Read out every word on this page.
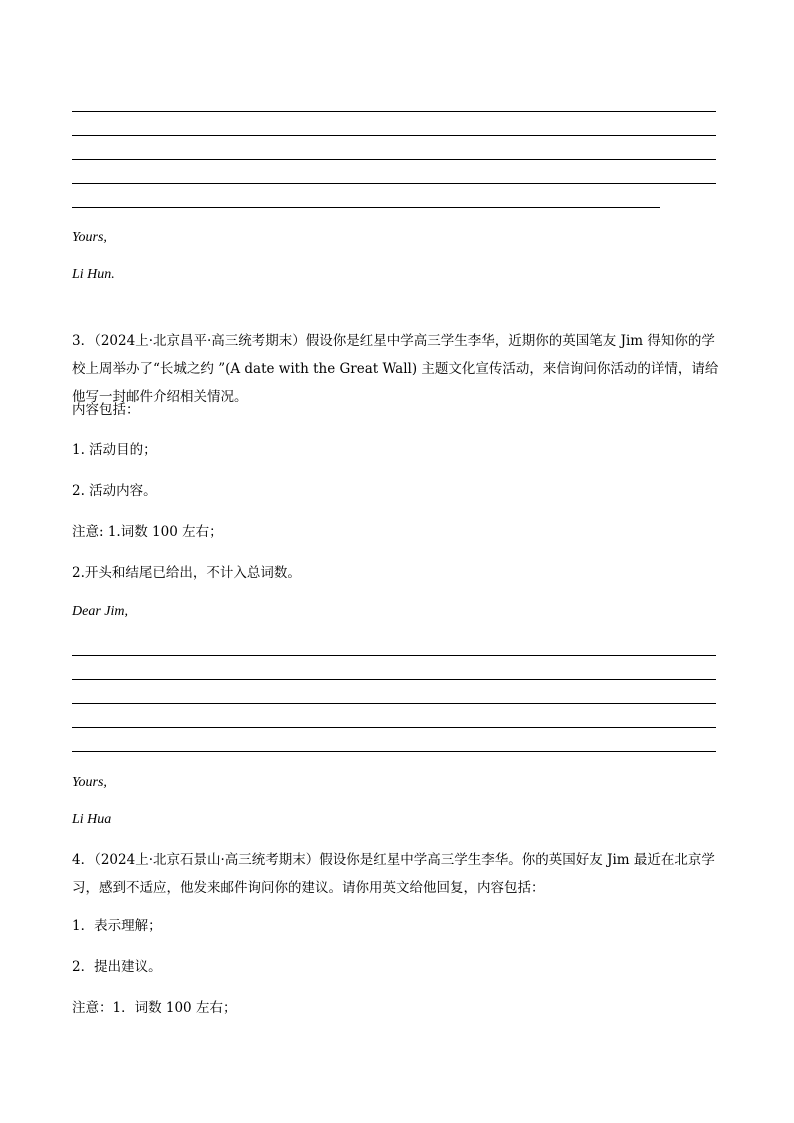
Yours,
Li Hun.
3．（2024上·北京昌平·高三统考期末）假设你是红星中学高三学生李华，近期你的英国笔友 Jim 得知你的学校上周举办了“长城之约 ”(A date with the Great Wall) 主题文化宣传活动，来信询问你活动的详情，请给他写一封邮件介绍相关情况。
内容包括：
1. 活动目的；
2. 活动内容。
注意: 1.词数 100 左右；
2.开头和结尾已给出，不计入总词数。
Dear Jim,
Yours,
Li Hua
4．（2024上·北京石景山·高三统考期末）假设你是红星中学高三学生李华。你的英国好友 Jim 最近在北京学习，感到不适应，他发来邮件询问你的建议。请你用英文给他回复，内容包括：
1．表示理解；
2．提出建议。
注意：1．词数 100 左右；
